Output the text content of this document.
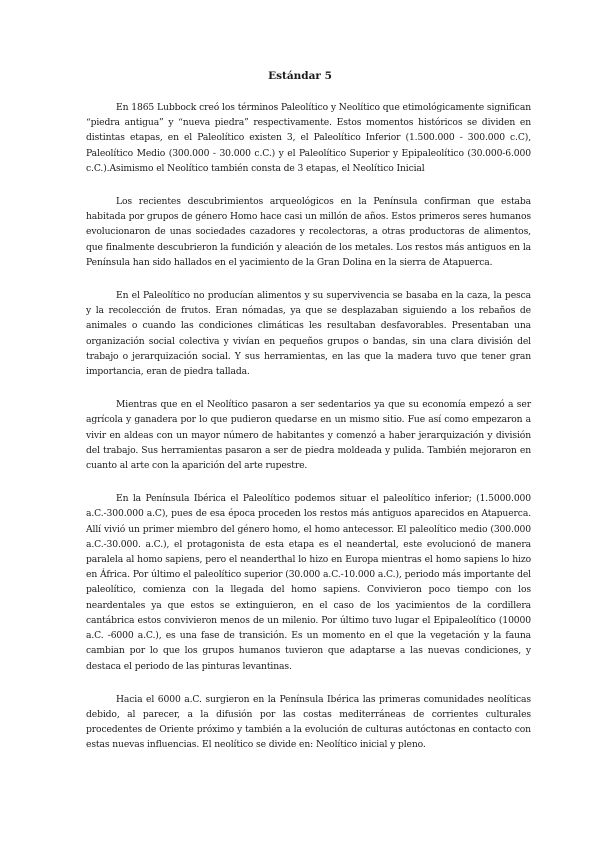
Estándar 5

En 1865 Lubbock creó los términos Paleolítico y Neolítico que etimológicamente significan “piedra antigua” y “nueva piedra” respectivamente. Estos momentos históricos se dividen en distintas etapas, en el Paleolítico existen 3, el Paleolítico Inferior (1.500.000 - 300.000 c.C), Paleolítico Medio (300.000 - 30.000 c.C.) y el Paleolítico Superior y Epipaleolítico (30.000-6.000 c.C.).Asimismo el Neolítico también consta de 3 etapas, el Neolítico Inicial

Los recientes descubrimientos arqueológicos en la Península confirman que estaba habitada por grupos de género Homo hace casi un millón de años. Estos primeros seres humanos evolucionaron de unas sociedades cazadores y recolectoras, a otras productoras de alimentos, que finalmente descubrieron la fundición y aleación de los metales. Los restos más antiguos en la Península han sido hallados en el yacimiento de la Gran Dolina en la sierra de Atapuerca.

En el Paleolítico no producían alimentos y su supervivencia se basaba en la caza, la pesca y la recolección de frutos. Eran nómadas, ya que se desplazaban siguiendo a los rebaños de animales o cuando las condiciones climáticas les resultaban desfavorables. Presentaban una organización social colectiva y vivían en pequeños grupos o bandas, sin una clara división del trabajo o jerarquización social. Y sus herramientas, en las que la madera tuvo que tener gran importancia, eran de piedra tallada.

Mientras que en el Neolítico pasaron a ser sedentarios ya que su economía empezó a ser agrícola y ganadera por lo que pudieron quedarse en un mismo sitio. Fue así como empezaron a vivir en aldeas con un mayor número de habitantes y comenzó a haber jerarquización y división del trabajo. Sus herramientas pasaron a ser de piedra moldeada y pulida. También mejoraron en cuanto al arte con la aparición del arte rupestre.

En la Península Ibérica el Paleolítico podemos situar el paleolítico inferior; (1.5000.000 a.C.-300.000 a.C), pues de esa época proceden los restos más antiguos aparecidos en Atapuerca. Allí vivió un primer miembro del género homo, el homo antecessor. El paleolítico medio (300.000 a.C.-30.000. a.C.), el protagonista de esta etapa es el neandertal, este evolucionó de manera paralela al homo sapiens, pero el neanderthal lo hizo en Europa mientras el homo sapiens lo hizo en África. Por último el paleolítico superior (30.000 a.C.-10.000 a.C.), periodo más importante del paleolítico, comienza con la llegada del homo sapiens. Convivieron poco tiempo con los neardentales ya que estos se extinguieron, en el caso de los yacimientos de la cordillera cantábrica estos convivieron menos de un milenio. Por último tuvo lugar el Epipaleolítico (10000 a.C. -6000 a.C.), es una fase de transición. Es un momento en el que la vegetación y la fauna cambian por lo que los grupos humanos tuvieron que adaptarse a las nuevas condiciones, y destaca el periodo de las pinturas levantinas.

Hacia el 6000 a.C. surgieron en la Península Ibérica las primeras comunidades neolíticas debido, al parecer, a la difusión por las costas mediterráneas de corrientes culturales procedentes de Oriente próximo y también a la evolución de culturas autóctonas en contacto con estas nuevas influencias. El neolítico se divide en: Neolítico inicial y pleno.
